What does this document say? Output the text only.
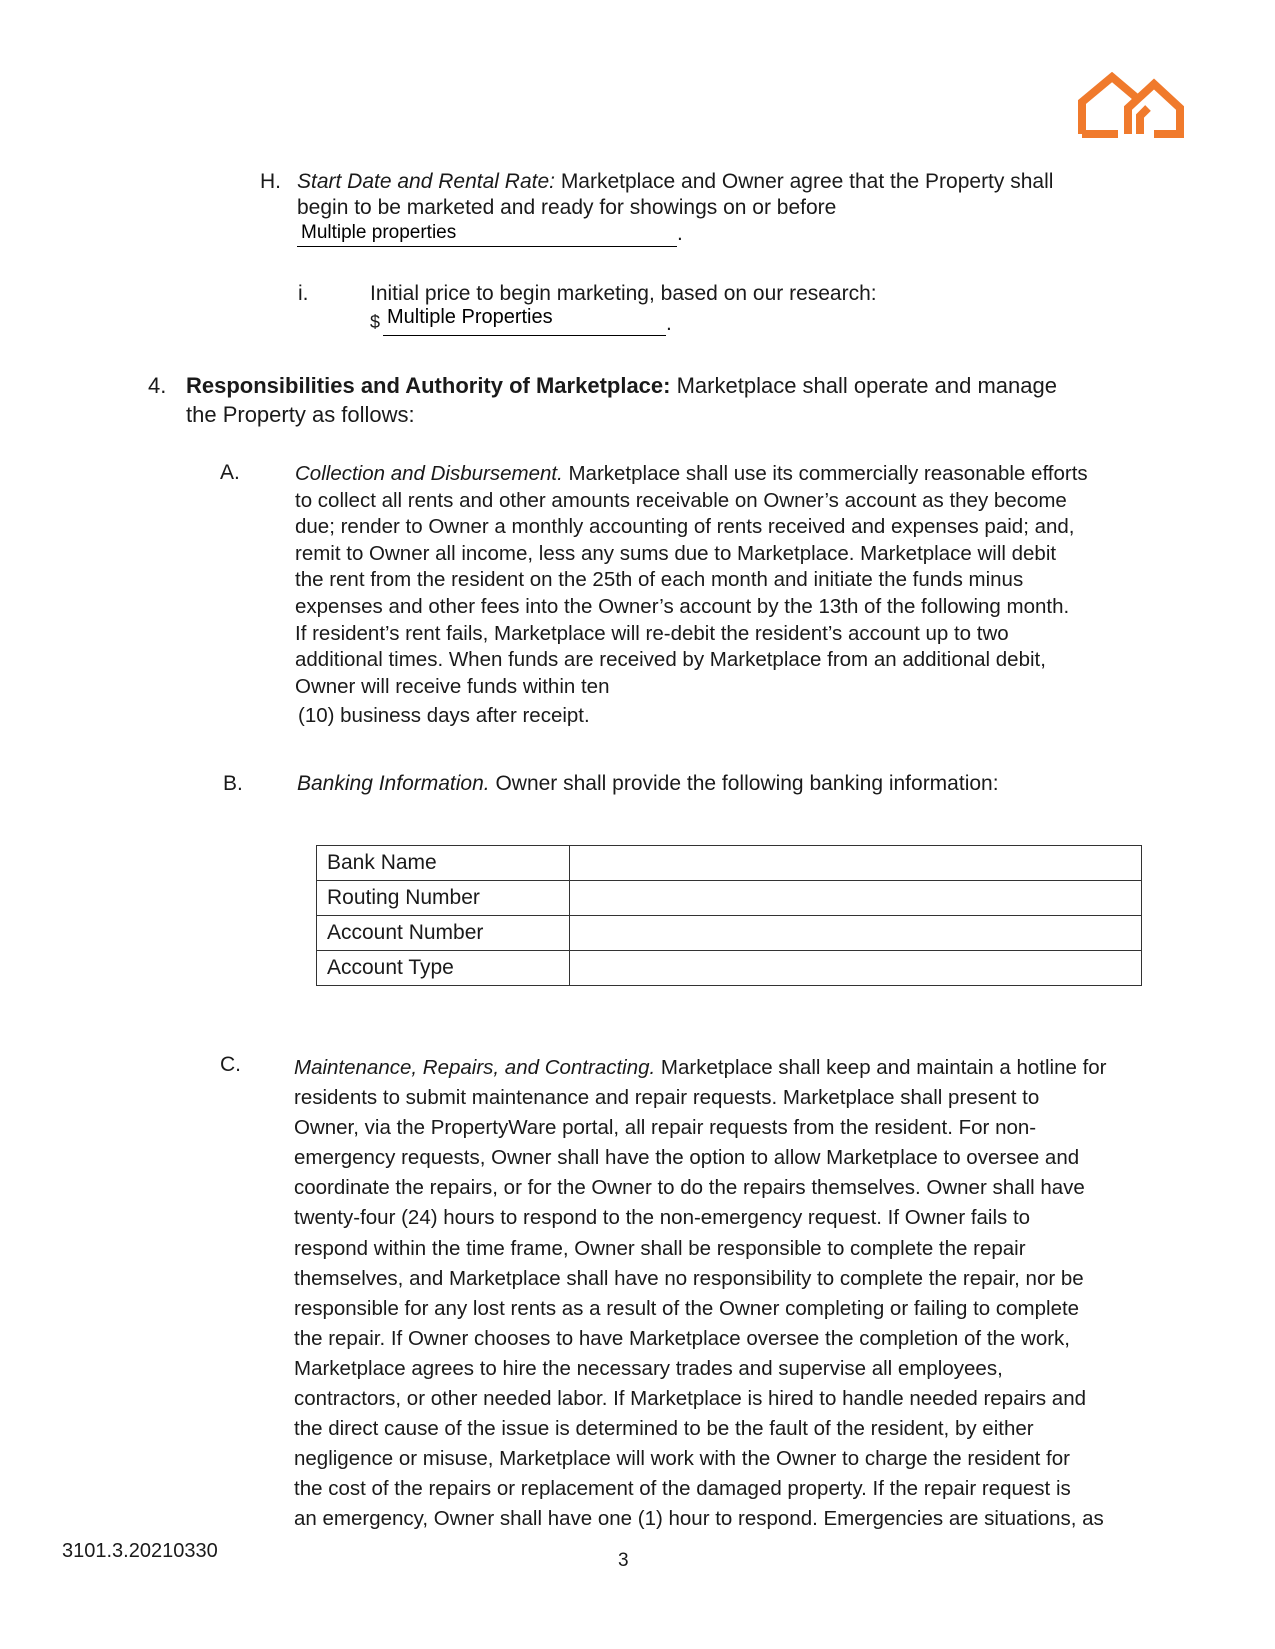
H. Start Date and Rental Rate: Marketplace and Owner agree that the Property shall
begin to be marketed and ready for showings on or before
Multiple properties	.
i.	Initial price to begin marketing, based on our research:
$ Multiple Properties	.
4. Responsibilities and Authority of Marketplace: Marketplace shall operate and manage
the Property as follows:
A.	Collection and Disbursement. Marketplace shall use its commercially reasonable efforts
to collect all rents and other amounts receivable on Owner’s account as they become
due; render to Owner a monthly accounting of rents received and expenses paid; and,
remit to Owner all income, less any sums due to Marketplace. Marketplace will debit
the rent from the resident on the 25th of each month and initiate the funds minus
expenses and other fees into the Owner’s account by the 13th of the following month.
If resident’s rent fails, Marketplace will re-debit the resident’s account up to two
additional times. When funds are received by Marketplace from an additional debit,
Owner will receive funds within ten
(10) business days after receipt.
B.	Banking Information. Owner shall provide the following banking information:
Bank Name	
Routing Number	
Account Number	
Account Type	
C.	Maintenance, Repairs, and Contracting. Marketplace shall keep and maintain a hotline for
residents to submit maintenance and repair requests. Marketplace shall present to
Owner, via the PropertyWare portal, all repair requests from the resident. For non-
emergency requests, Owner shall have the option to allow Marketplace to oversee and
coordinate the repairs, or for the Owner to do the repairs themselves. Owner shall have
twenty-four (24) hours to respond to the non-emergency request. If Owner fails to
respond within the time frame, Owner shall be responsible to complete the repair
themselves, and Marketplace shall have no responsibility to complete the repair, nor be
responsible for any lost rents as a result of the Owner completing or failing to complete
the repair. If Owner chooses to have Marketplace oversee the completion of the work,
Marketplace agrees to hire the necessary trades and supervise all employees,
contractors, or other needed labor. If Marketplace is hired to handle needed repairs and
the direct cause of the issue is determined to be the fault of the resident, by either
negligence or misuse, Marketplace will work with the Owner to charge the resident for
the cost of the repairs or replacement of the damaged property. If the repair request is
an emergency, Owner shall have one (1) hour to respond. Emergencies are situations, as
3101.3.20210330	3
